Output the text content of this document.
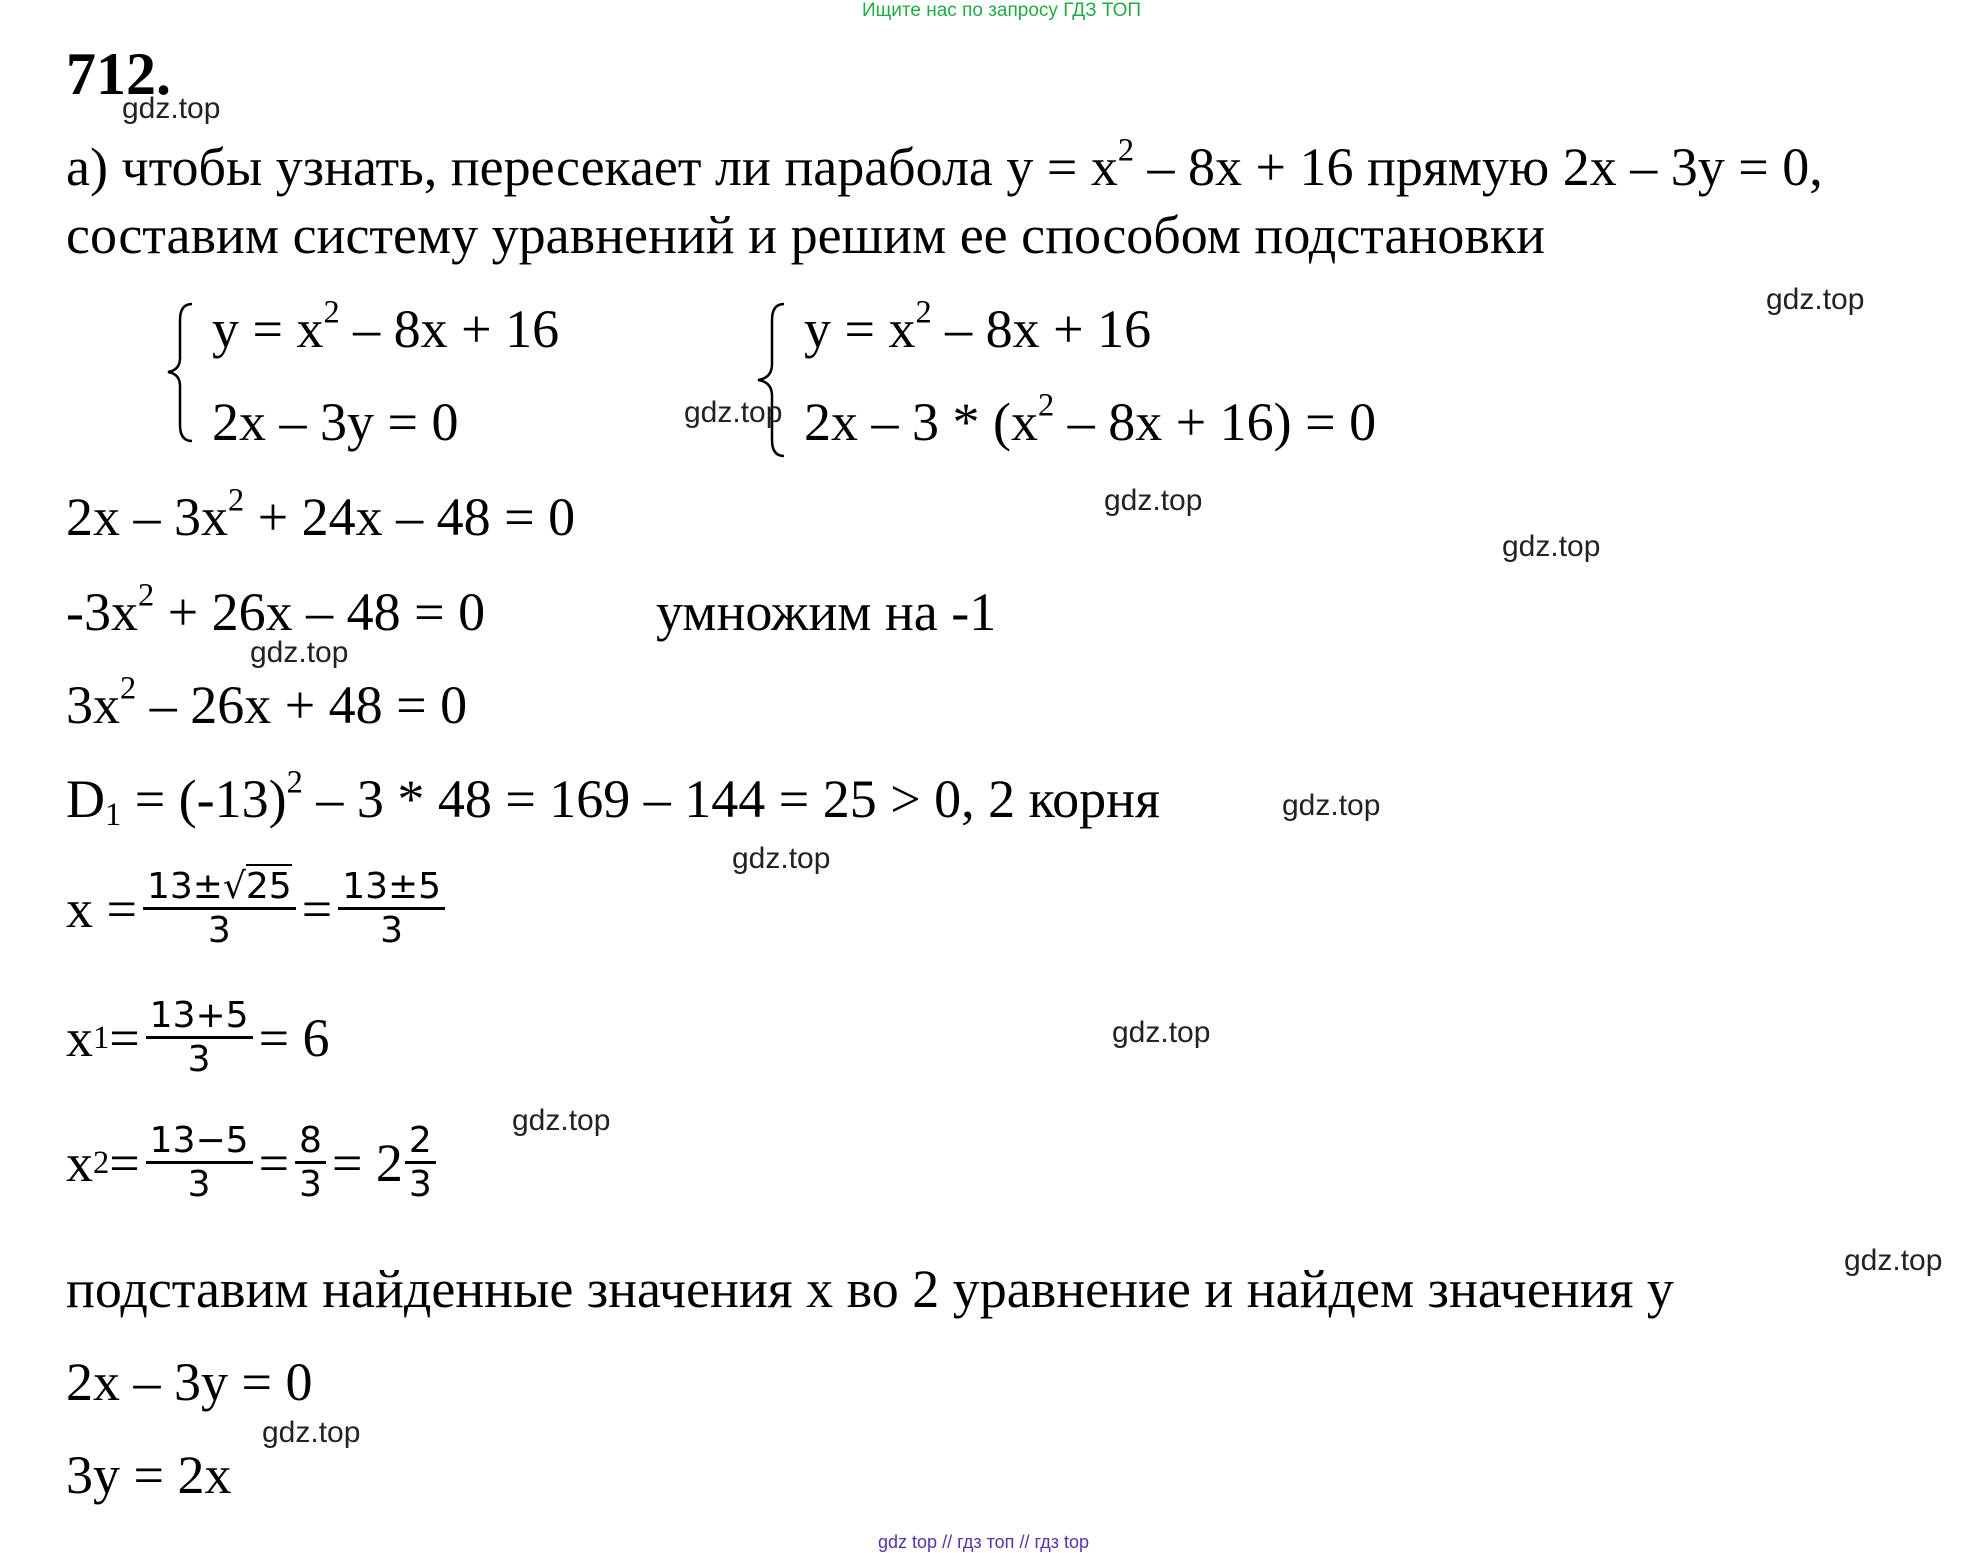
Ищите нас по запросу ГДЗ ТОП
712.
а) чтобы узнать, пересекает ли парабола $y = x^2 - 8x + 16$ прямую 2x – 3y = 0,
составим систему уравнений и решим ее способом подстановки
$y = x^2 - 8x + 16$
2x – 3y = 0
$y = x^2 - 8x + 16$
$2x - 3 * (x^2 - 8x + 16) = 0$
$2x - 3x^2 + 24x - 48 = 0$
$-3x^2 + 26x - 48 = 0$	умножим на -1
$3x^2 - 26x + 48 = 0$
$D_1 = (-13)^2 - 3 * 48 = 169 - 144 = 25 > 0$, 2 корня
$x = \frac{13\pm√25}{3} = \frac{13\pm 5}{3}$
x $1 = \frac{13+5}{3} = 6$
x $2 = \frac{13-5}{3} = \frac{8}{3} = 2 \frac{2}{3}$
подставим найденные значения x во 2 уравнение и найдем значения y
2x – 3y = 0
3y = 2x
gdz.top
gdz.top
gdz.top
gdz.top
gdz.top
gdz.top
gdz.top
gdz.top
gdz.top
gdz.top
gdz.top
gdz.top
gdz top // гдз топ // гдз top
